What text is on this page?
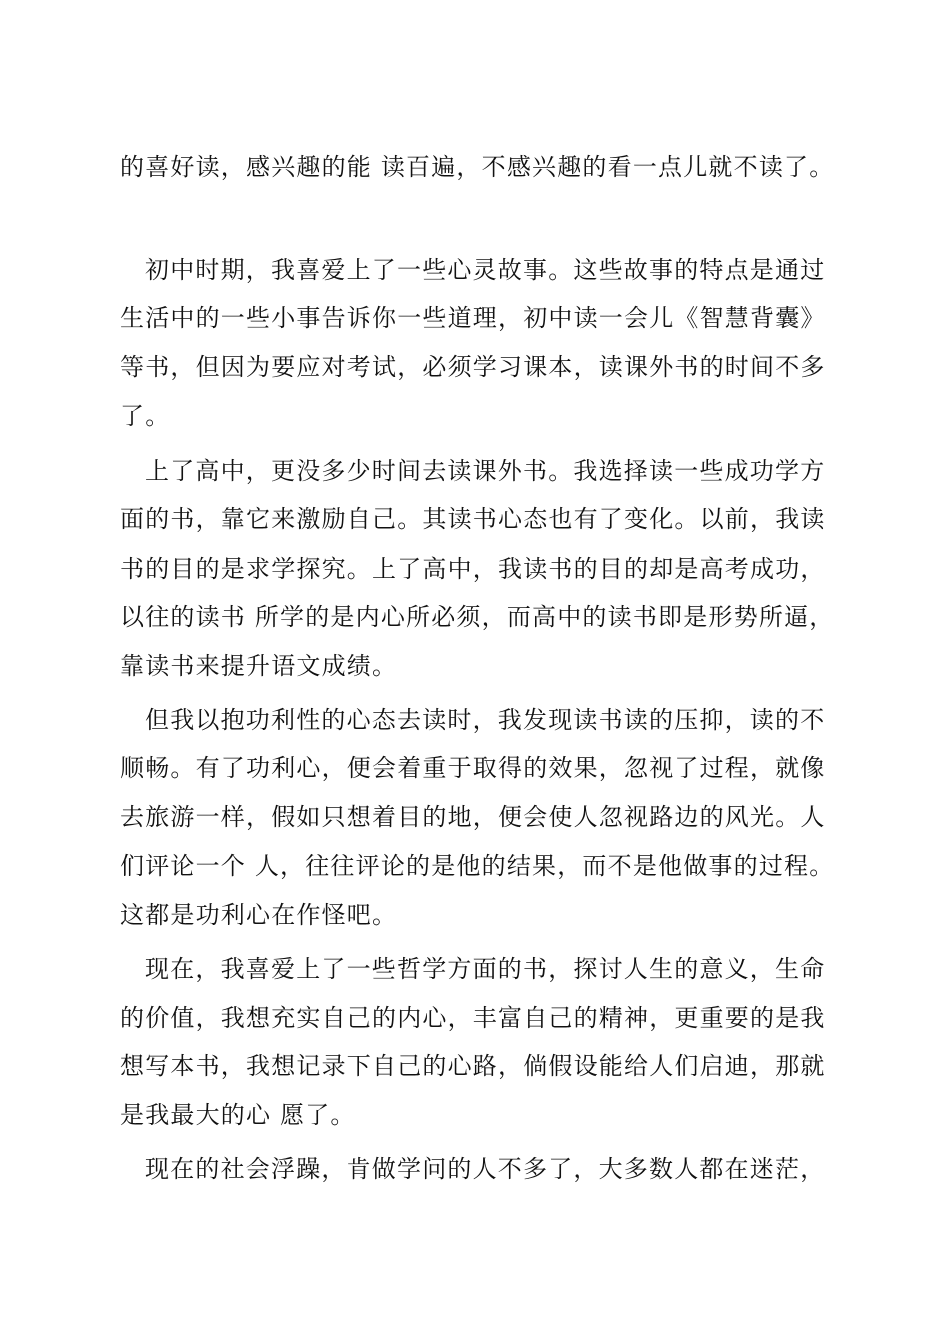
的喜好读，感兴趣的能 读百遍，不感兴趣的看一点儿就不读了。
初中时期，我喜爱上了一些心灵故事。这些故事的特点是通过
生活中的一些小事告诉你一些道理，初中读一会儿《智慧背囊》
等书，但因为要应对考试，必须学习课本，读课外书的时间不多
了。
上了高中，更没多少时间去读课外书。我选择读一些成功学方
面的书，靠它来激励自己。其读书心态也有了变化。以前，我读
书的目的是求学探究。上了高中，我读书的目的却是高考成功，
以往的读书 所学的是内心所必须，而高中的读书即是形势所逼，
靠读书来提升语文成绩。
但我以抱功利性的心态去读时，我发现读书读的压抑，读的不
顺畅。有了功利心，便会着重于取得的效果，忽视了过程，就像
去旅游一样，假如只想着目的地，便会使人忽视路边的风光。人
们评论一个 人，往往评论的是他的结果，而不是他做事的过程。
这都是功利心在作怪吧。
现在，我喜爱上了一些哲学方面的书，探讨人生的意义，生命
的价值，我想充实自己的内心，丰富自己的精神，更重要的是我
想写本书，我想记录下自己的心路，倘假设能给人们启迪，那就
是我最大的心 愿了。
现在的社会浮躁，肯做学问的人不多了，大多数人都在迷茫，
